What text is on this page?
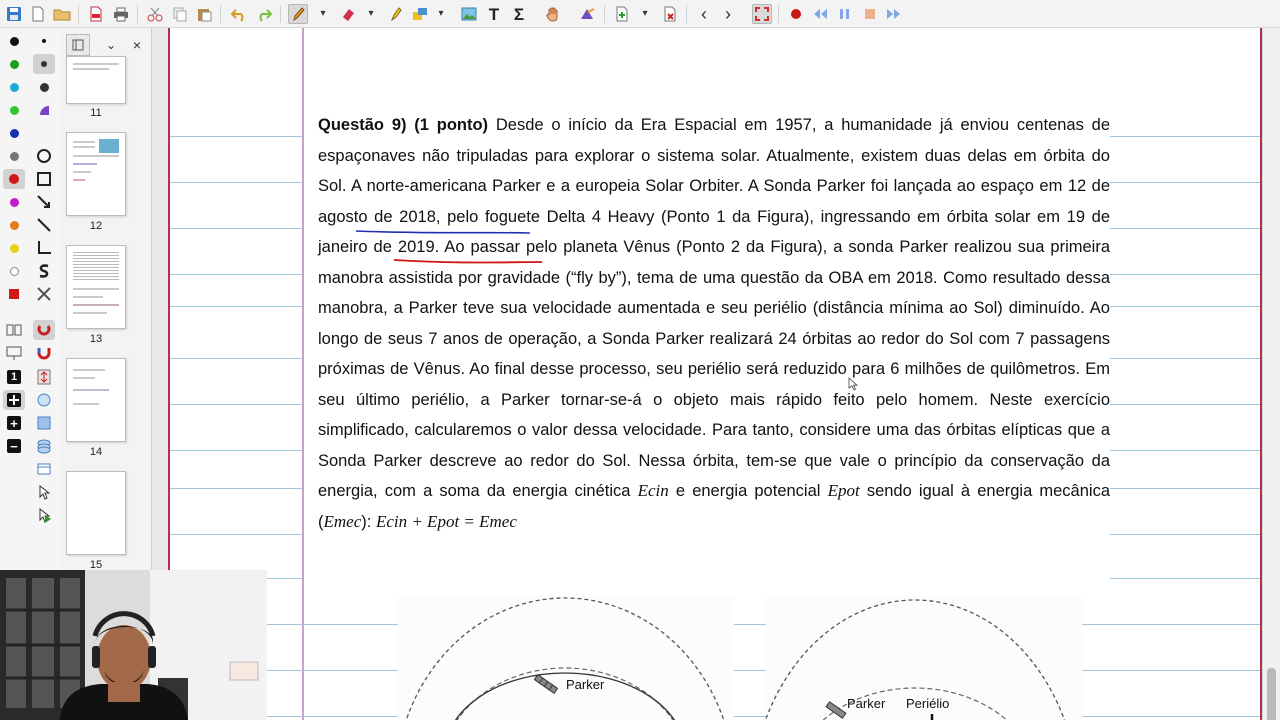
▾	▾	▾	T Σ	▾	‹	›
1
+
−
⌄ ×
11
12
13
14
15
Questão 9) (1 ponto) Desde o início da Era Espacial em 1957, a humanidade já enviou centenas de espaçonaves não tripuladas para explorar o sistema solar. Atualmente, existem duas delas em órbita do Sol. A norte-americana Parker e a europeia Solar Orbiter. A Sonda Parker foi lançada ao espaço em 12 de agosto de 2018, pelo foguete Delta 4 Heavy (Ponto 1 da Figura), ingressando em órbita solar em 19 de janeiro de 2019. Ao passar pelo planeta Vênus (Ponto 2 da Figura), a sonda Parker realizou sua primeira manobra assistida por gravidade (“fly by”), tema de uma questão da OBA em 2018. Como resultado dessa manobra, a Parker teve sua velocidade aumentada e seu periélio (distância mínima ao Sol) diminuído. Ao longo de seus 7 anos de operação, a Sonda Parker realizará 24 órbitas ao redor do Sol com 7 passagens próximas de Vênus. Ao final desse processo, seu periélio será reduzido para 6 milhões de quilômetros. Em seu último periélio, a Parker tornar-se-á o objeto mais rápido feito pelo homem. Neste exercício simplificado, calcularemos o valor dessa velocidade. Para tanto, considere uma das órbitas elípticas que a Sonda Parker descreve ao redor do Sol. Nessa órbita, tem-se que vale o princípio da conservação da energia, com a soma da energia cinética Ecin e energia potencial Epot sendo igual à energia mecânica (Emec): Ecin + Epot = Emec
Parker
Parker Periélio
